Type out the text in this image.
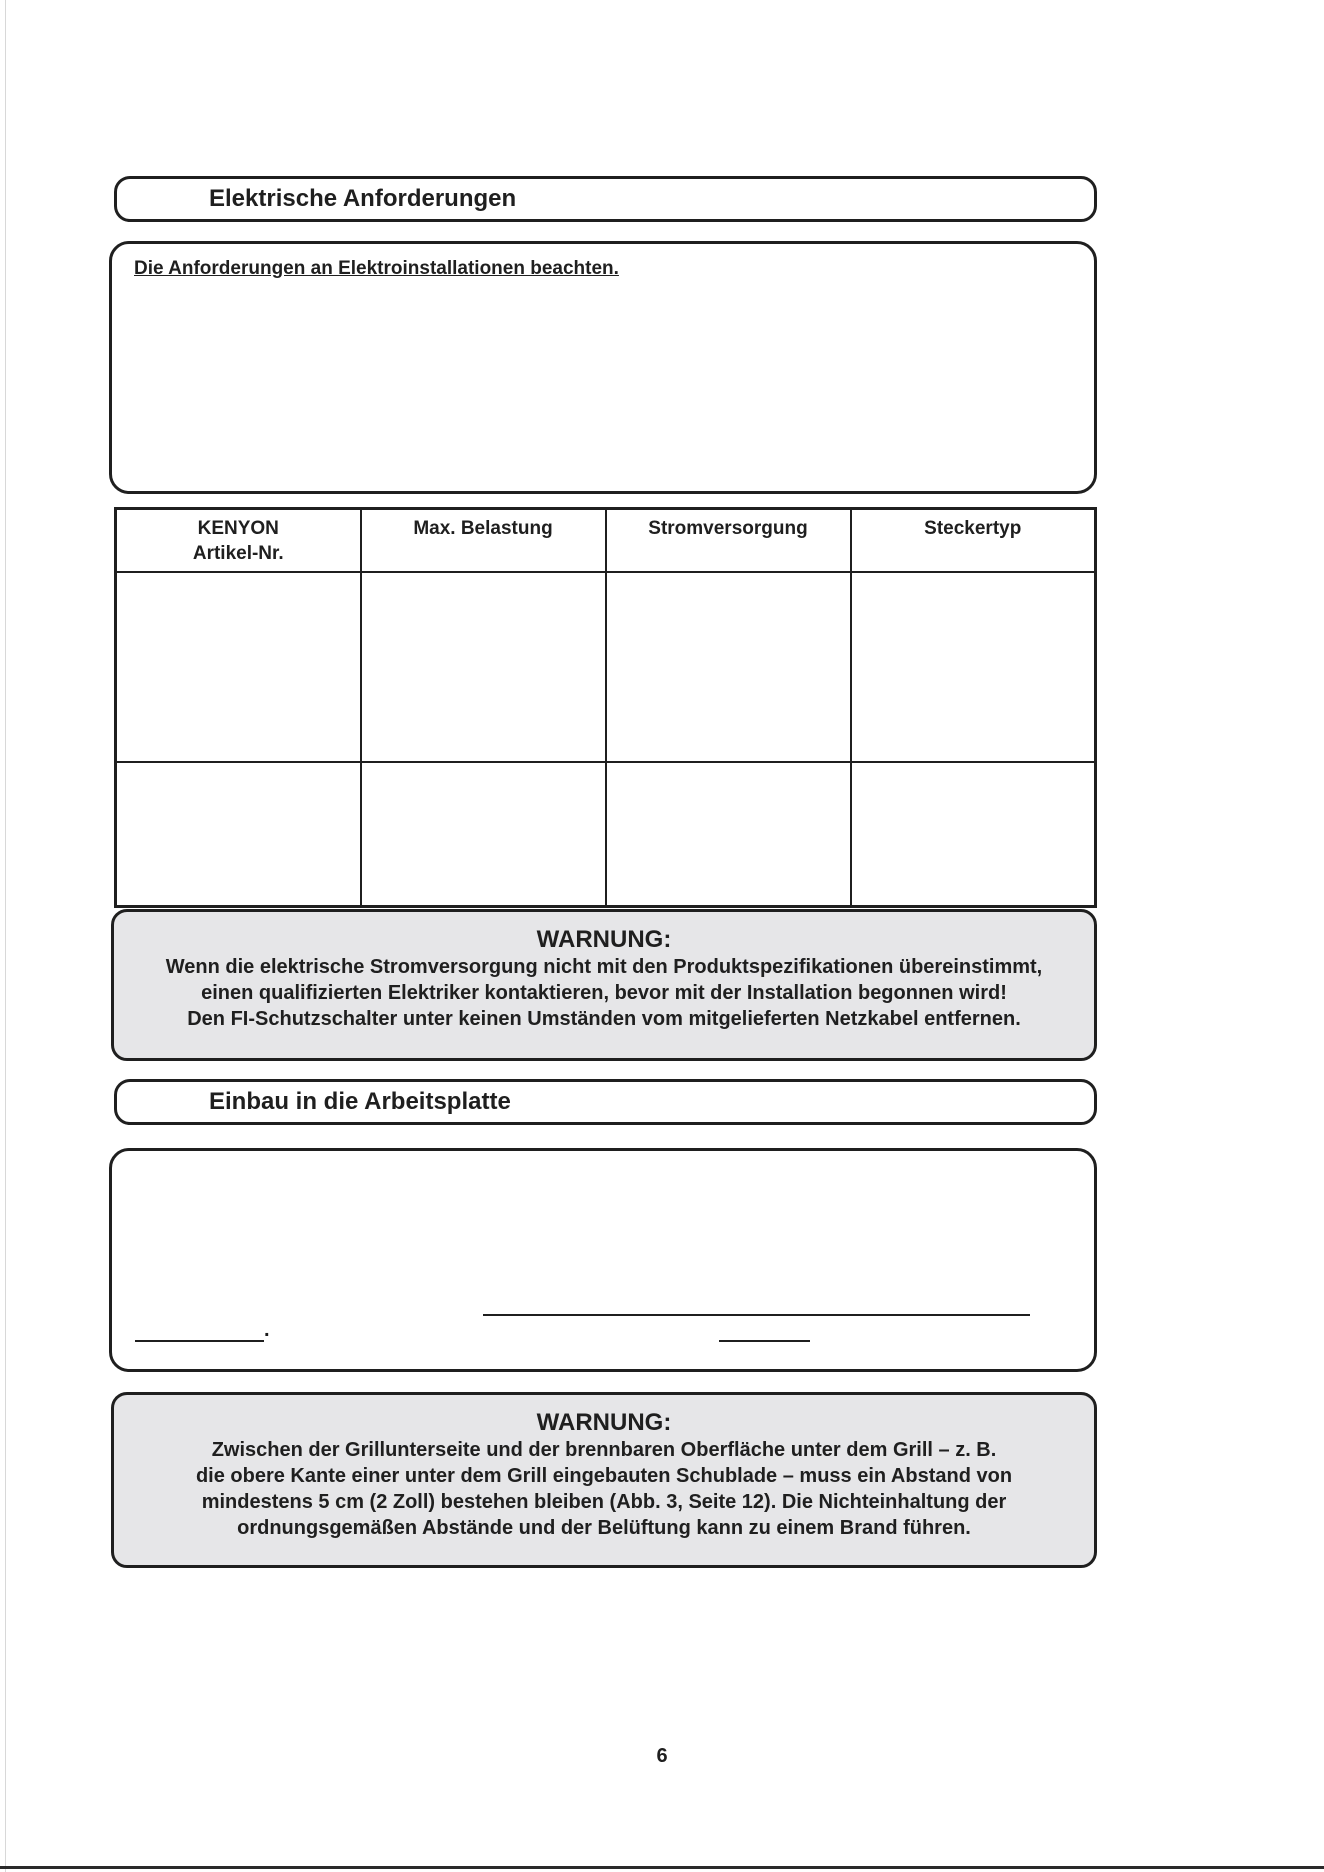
Elektrische Anforderungen
Die Anforderungen an Elektroinstallationen beachten.
KENYON
Artikel-Nr.	Max. Belastung	Stromversorgung	Steckertyp

WARNUNG:
Wenn die elektrische Stromversorgung nicht mit den Produktspezifikationen übereinstimmt,
einen qualifizierten Elektriker kontaktieren, bevor mit der Installation begonnen wird!
Den FI-Schutzschalter unter keinen Umständen vom mitgelieferten Netzkabel entfernen.
Einbau in die Arbeitsplatte
.
WARNUNG:
Zwischen der Grillunterseite und der brennbaren Oberfläche unter dem Grill – z. B.
die obere Kante einer unter dem Grill eingebauten Schublade – muss ein Abstand von
mindestens 5 cm (2 Zoll) bestehen bleiben (Abb. 3, Seite 12). Die Nichteinhaltung der
ordnungsgemäßen Abstände und der Belüftung kann zu einem Brand führen.
6
